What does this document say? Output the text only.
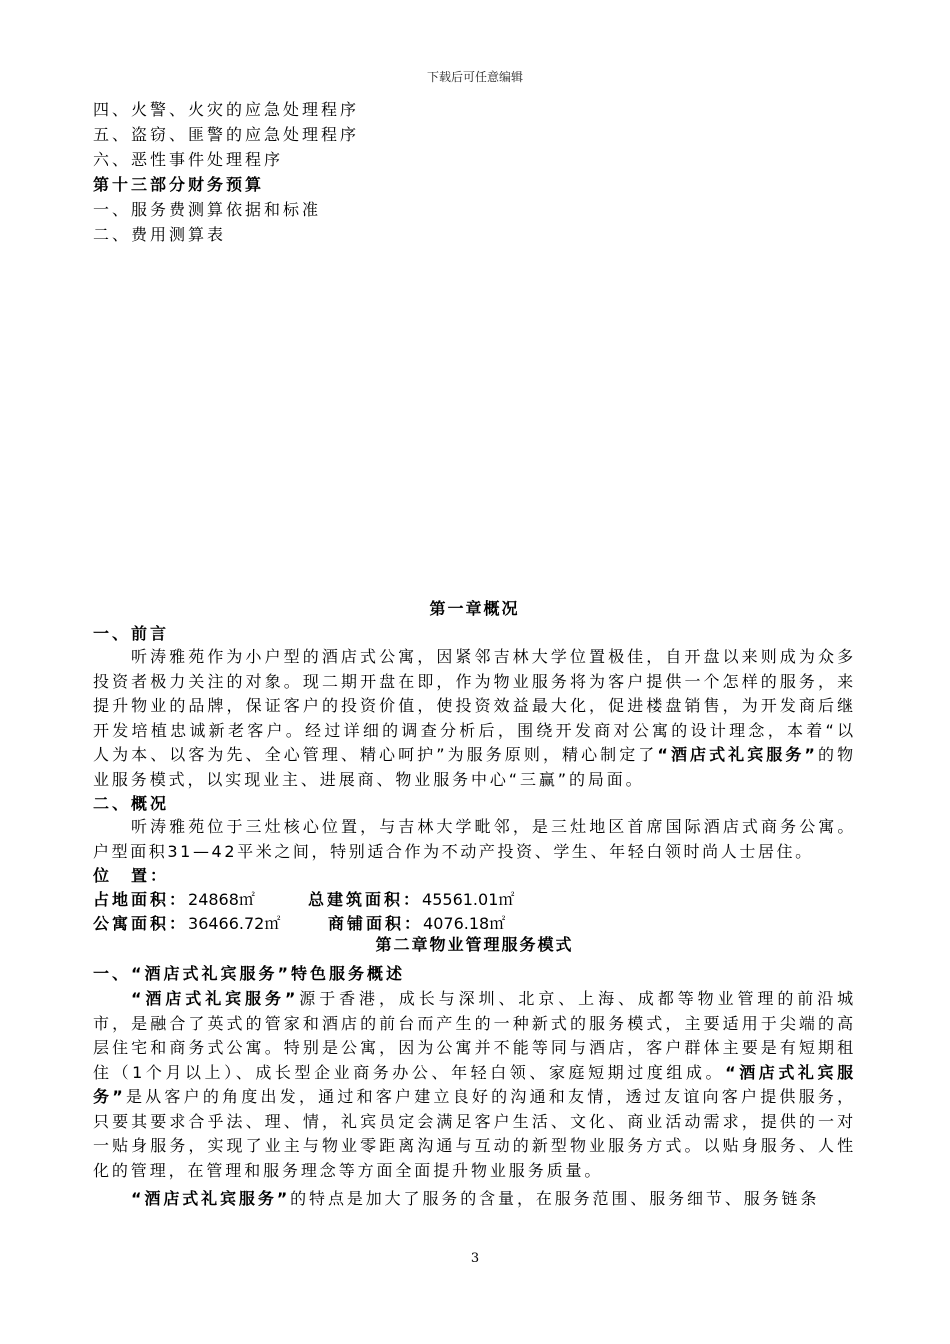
下载后可任意编辑
四、火警、火灾的应急处理程序
五、盗窃、匪警的应急处理程序
六、恶性事件处理程序
第十三部分财务预算
一、服务费测算依据和标准
二、费用测算表
第一章概况
一、前言
听涛雅苑作为小户型的酒店式公寓，因紧邻吉林大学位置极佳，自开盘以来则成为众多投资者极力关注的对象。现二期开盘在即，作为物业服务将为客户提供一个怎样的服务，来提升物业的品牌，保证客户的投资价值，使投资效益最大化，促进楼盘销售，为开发商后继开发培植忠诚新老客户。经过详细的调查分析后，围绕开发商对公寓的设计理念，本着“以人为本、以客为先、全心管理、精心呵护”为服务原则，精心制定了“酒店式礼宾服务”的物业服务模式，以实现业主、进展商、物业服务中心“三赢”的局面。
二、概况
听涛雅苑位于三灶核心位置，与吉林大学毗邻，是三灶地区首席国际酒店式商务公寓。户型面积31—42平米之间，特别适合作为不动产投资、学生、年轻白领时尚人士居住。
位　置：
占地面积：24868㎡	总建筑面积：45561.01㎡
公寓面积：36466.72㎡	商铺面积：4076.18㎡
第二章物业管理服务模式
一、“酒店式礼宾服务”特色服务概述
“酒店式礼宾服务”源于香港，成长与深圳、北京、上海、成都等物业管理的前沿城市，是融合了英式的管家和酒店的前台而产生的一种新式的服务模式，主要适用于尖端的高层住宅和商务式公寓。特别是公寓，因为公寓并不能等同与酒店，客户群体主要是有短期租住（1个月以上）、成长型企业商务办公、年轻白领、家庭短期过度组成。“酒店式礼宾服务”是从客户的角度出发，通过和客户建立良好的沟通和友情，透过友谊向客户提供服务，只要其要求合乎法、理、情，礼宾员定会满足客户生活、文化、商业活动需求，提供的一对一贴身服务，实现了业主与物业零距离沟通与互动的新型物业服务方式。以贴身服务、人性化的管理，在管理和服务理念等方面全面提升物业服务质量。
“酒店式礼宾服务”的特点是加大了服务的含量，在服务范围、服务细节、服务链条
3
